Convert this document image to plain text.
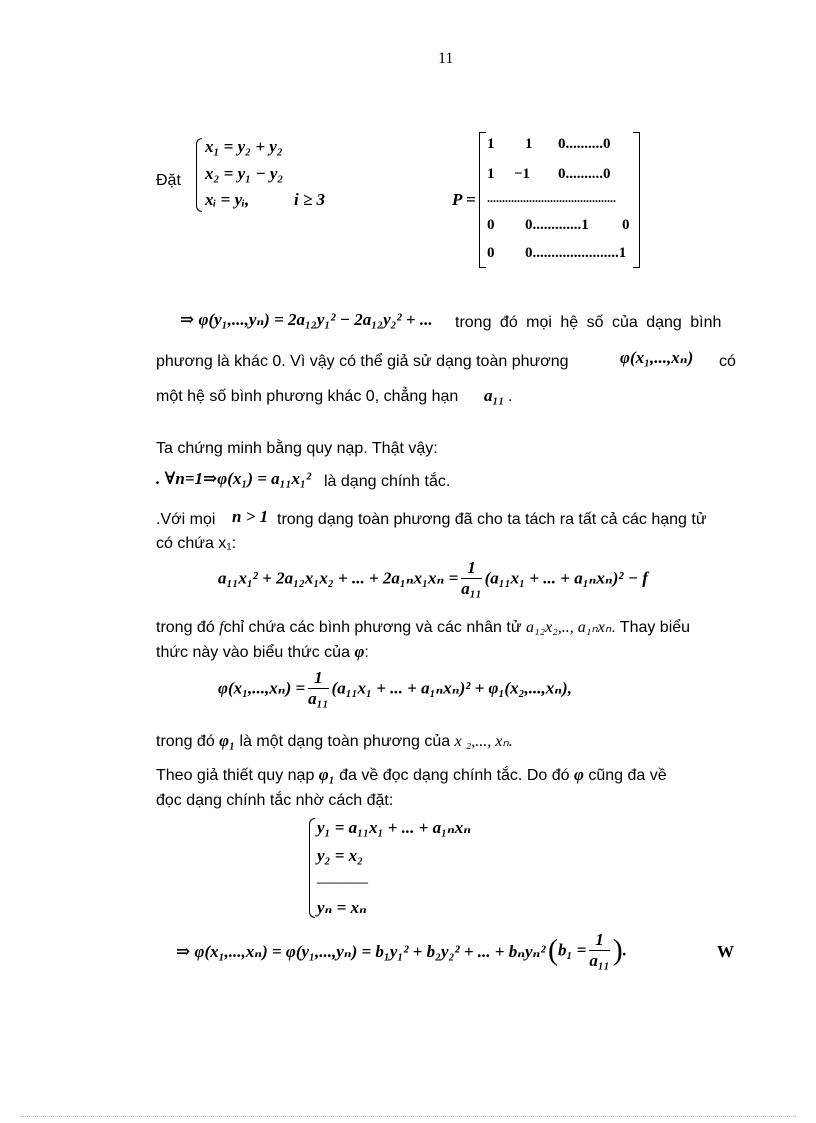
11
Đặt
x₁ = y₂ + y₂
x₂ = y₁ − y₂
xᵢ = yᵢ,	i ≥ 3	P =
1 1 0..........0
1 −1 0..........0
...........................................
0 0.............1 0
0 0.......................1
⇒ φ(y₁,...,yₙ) = 2a₁₂y₁² − 2a₁₂y₂² + ... trong đó mọi hệ số của dạng bình
phương là khác 0. Vì vậy có thể giả sử dạng toàn phương	φ(x₁,...,xₙ) có
một hệ số bình phương khác 0, chẳng hạn a₁₁ .
Ta chứng minh bằng quy nạp. Thật vậy:
. ∀n=1⇒φ(x₁) = a₁₁x₁² là dạng chính tắc.
.Với mọi n > 1 trong dạng toàn phương đã cho ta tách ra tất cả các hạng tử
có chứa x₁:
a₁₁x₁² + 2a₁₂x₁x₂ + ... + $2a_{1n}x_1x_n = \frac{1}{\text{a₁₁}} (a_{11}x_1$ + ... + a₁ₙxₙ)² − f
trong đó fchỉ chứa các bình phương và các nhân tử a₁₂x₂,.., a₁ₙxₙ. Thay biểu
thức này vào biểu thức của φ:
$\varphi(x_1,...,x_n) = \frac{1}{\text{a₁₁}} (a_{11}x_1$ + ... + a₁ₙxₙ)² + φ₁(x₂,...,xₙ),
trong đó φ₁ là một dạng toàn phương của x ₂,..., xₙ.
Theo giả thiết quy nạp φ₁ đa về đọc dạng chính tắc. Do đó φ cũng đa về
đọc dạng chính tắc nhờ cách đặt:
y₁ = a₁₁x₁ + ... + a₁ₙxₙ
y₂ = x₂
———
yₙ = xₙ
⇒ φ(x₁,...,xₙ) = φ(y₁,...,yₙ) = b₁y₁² + b₂y₂² + ... + bₙyₙ² ($b_1 = \frac{1}{\text{a₁₁}}$ ).	W
